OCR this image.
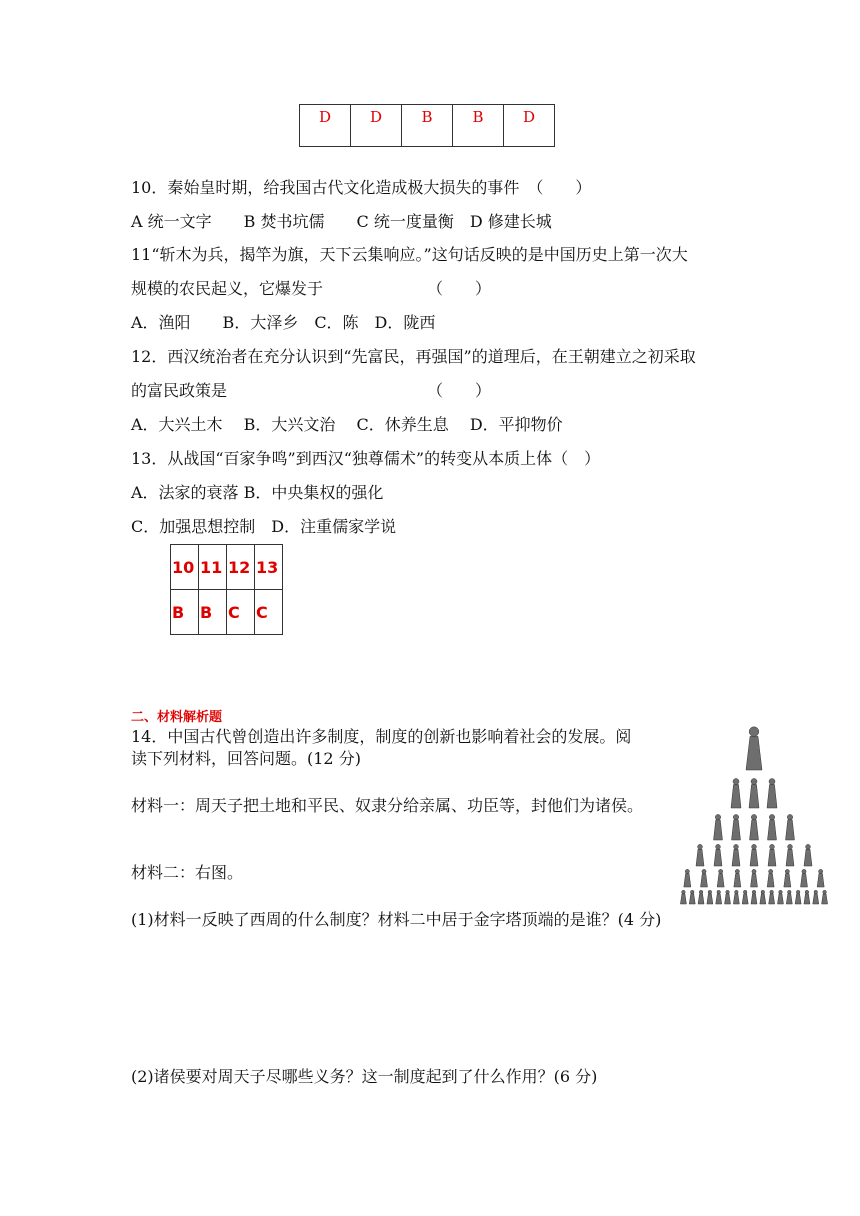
D	D	B	B	D
10．秦始皇时期，给我国古代文化造成极大损失的事件　（　　）
A 统一文字　　B 焚书坑儒　　C 统一度量衡　D 修建长城
11“斩木为兵，揭竿为旗，天下云集响应。”这句话反映的是中国历史上第一次大
规模的农民起义，它爆发于　　　　　　　（　　）
A．渔阳　　B．大泽乡　C．陈　D．陇西
12．西汉统治者在充分认识到“先富民，再强国”的道理后，在王朝建立之初采取
的富民政策是　　　　　　　　　　　　　（　　）
A．大兴土木　 B．大兴文治　 C．休养生息　 D．平抑物价
13．从战国“百家争鸣”到西汉“独尊儒术”的转变从本质上体（　）
A．法家的衰落 B．中央集权的强化
C．加强思想控制　D．注重儒家学说
10	11	12	13
B	B	C	C
二、材料解析题
14．中国古代曾创造出许多制度，制度的创新也影响着社会的发展。阅
读下列材料，回答问题。(12 分)
材料一：周天子把土地和平民、奴隶分给亲属、功臣等，封他们为诸侯。
材料二：右图。
(1)材料一反映了西周的什么制度？材料二中居于金字塔顶端的是谁？(4 分)
(2)诸侯要对周天子尽哪些义务？这一制度起到了什么作用？(6 分)
